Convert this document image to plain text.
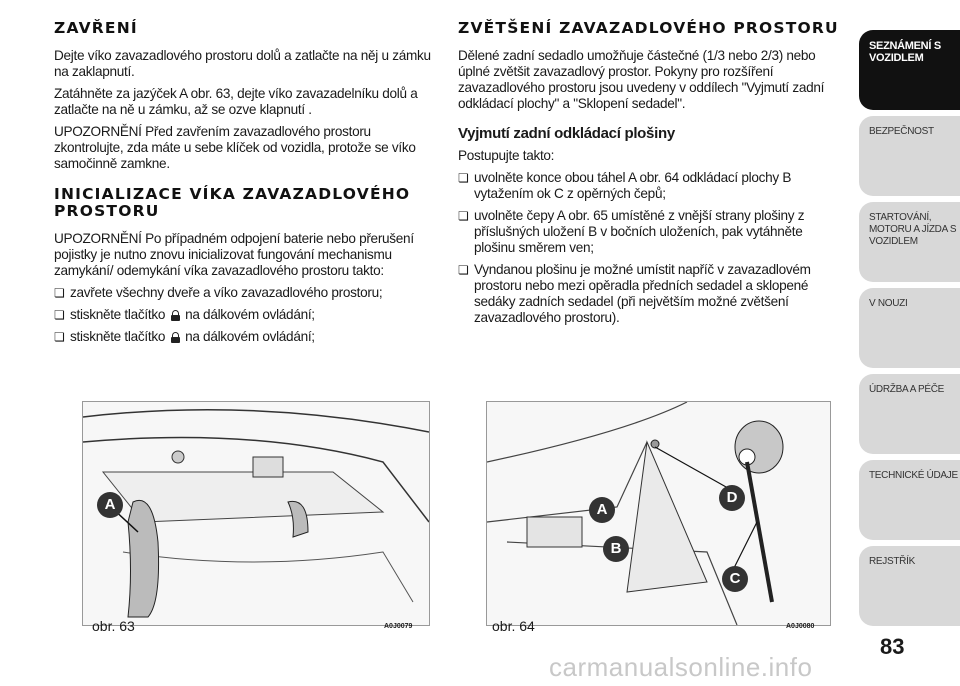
ZAVŘENÍ

Dejte víko zavazadlového prostoru dolů a zatlačte na něj u zámku na zaklapnutí.

Zatáhněte za jazýček A obr. 63, dejte víko zavazadelníku dolů a zatlačte na ně u zámku, až se ozve klapnutí .

UPOZORNĚNÍ Před zavřením zavazadlového prostoru zkontrolujte, zda máte u sebe klíček od vozidla, protože se víko samočinně zamkne.

INICIALIZACE VÍKA ZAVAZADLOVÉHO PROSTORU

UPOZORNĚNÍ Po případném odpojení baterie nebo přerušení pojistky je nutno znovu inicializovat fungování mechanismu zamykání/ odemykání víka zavazadlového prostoru takto:

❏ zavřete všechny dveře a víko zavazadlového prostoru;
❏ stiskněte tlačítko na dálkovém ovládání;
❏ stiskněte tlačítko na dálkovém ovládání;
ZVĚTŠENÍ ZAVAZADLOVÉHO PROSTORU

Dělené zadní sedadlo umožňuje částečné (1/3 nebo 2/3) nebo úplné zvětšit zavazadlový prostor. Pokyny pro rozšíření zavazadlového prostoru jsou uvedeny v oddílech "Vyjmutí zadní odkládací plochy" a "Sklopení sedadel".

Vyjmutí zadní odkládací plošiny

Postupujte takto:

❏ uvolněte konce obou táhel A obr. 64 odkládací plochy B vytažením ok C z opěrných čepů;
❏ uvolněte čepy A obr. 65 umístěné z vnější strany plošiny z příslušných uložení B v bočních uloženích, pak vytáhněte plošinu směrem ven;
❏ Vyndanou plošinu je možné umístit napříč v zavazadlovém prostoru nebo mezi opěradla předních sedadel a sklopené sedáky zadních sedadel (při největším možné zvětšení zavazadlového prostoru).
A
obr. 63	A0J0079
A
B
C
D
obr. 64	A0J0080
SEZNÁMENÍ S VOZIDLEM
BEZPEČNOST
STARTOVÁNÍ, MOTORU A JÍZDA S VOZIDLEM
V NOUZI
ÚDRŽBA A PÉČE
TECHNICKÉ ÚDAJE
REJSTŘÍK
83
carmanualsonline.info
